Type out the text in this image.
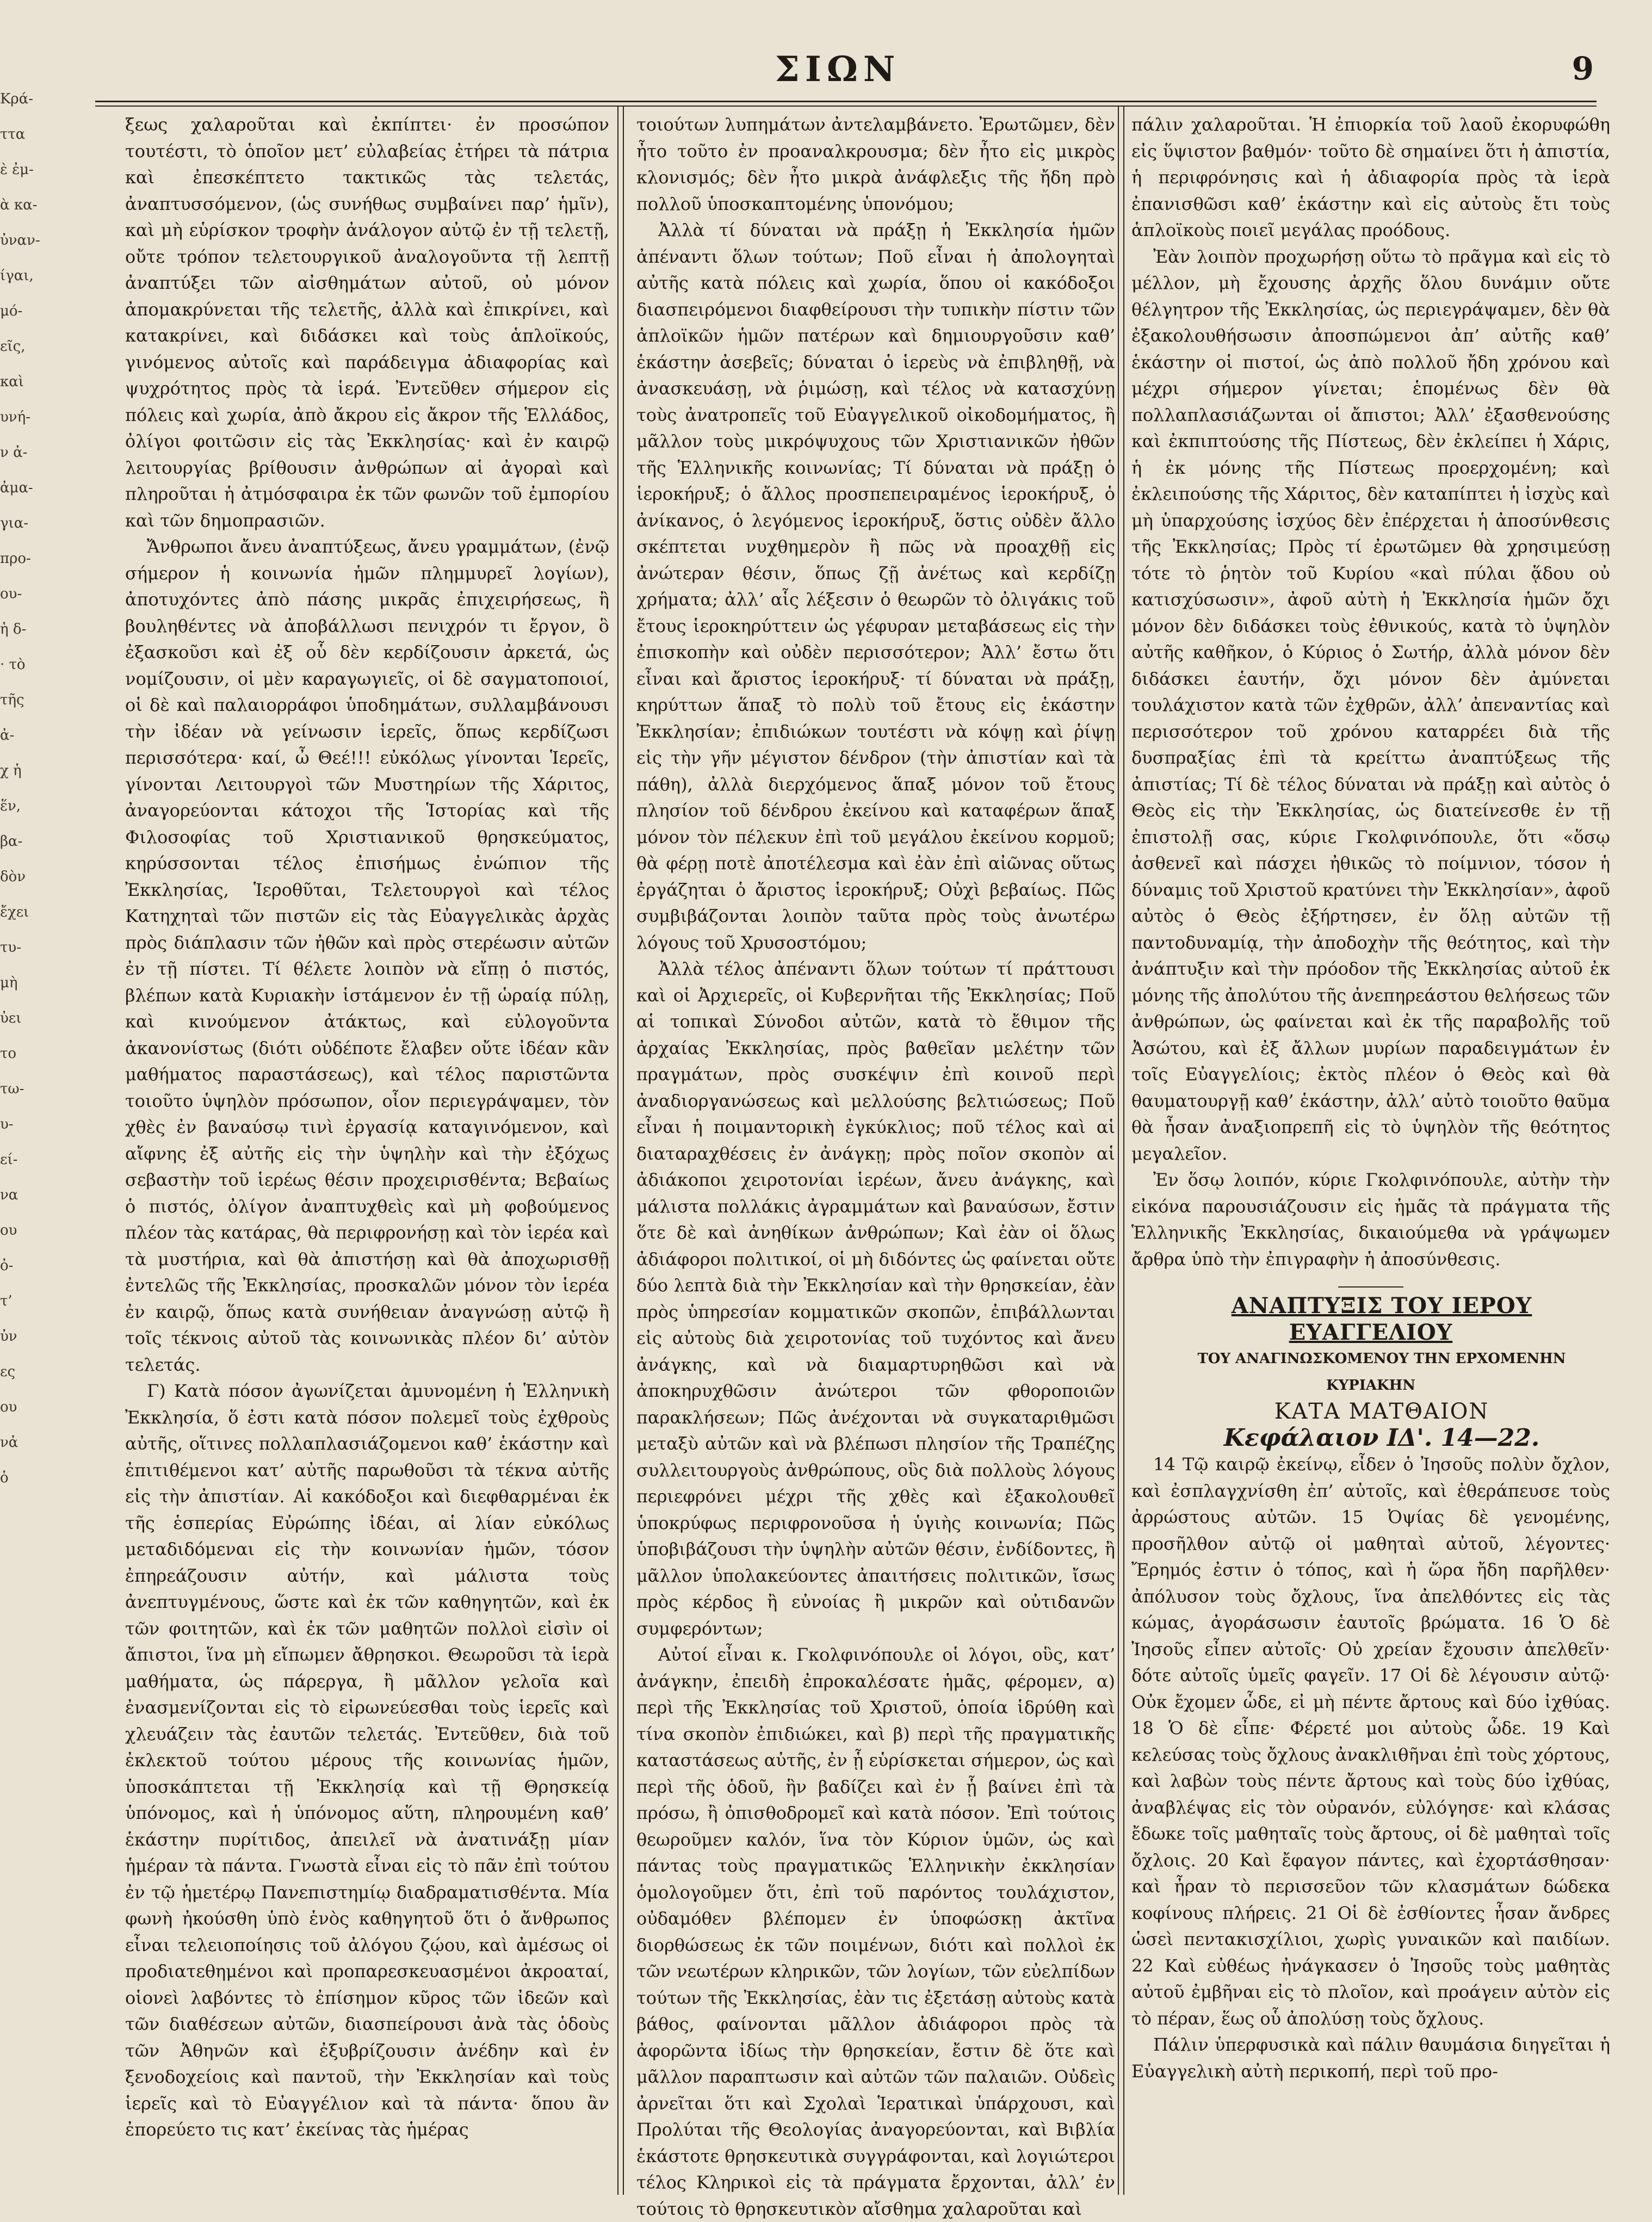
Κρά-
ττα
ὲ ἐμ-
ὰ κα-
ὐναν-
ίγαι,
μό-
εῖς,
καὶ
υνή-
ν ἀ-
ἀμα-
για-
προ-
ου-
ἡ δ-
· τὸ
τῆς
ἀ-
χ ἡ
ἕν,
βα-
δὸν
ἔχει
τυ-
μὴ
ὐει
το
τω-
υ-
εί-
να
ου
ὀ-
τ’
ὐν
ες
ου
νἀ
ὁ
ΣΙΩΝ	9

ξεως χαλαροῦται καὶ ἐκπίπτει· ἐν προσώπον τουτέστι, τὸ ὁποῖον μετ’ εὐλαβείας ἐτήρει τὰ πάτρια καὶ ἐπεσκέπτετο τακτικῶς τὰς τελετάς, ἀναπτυσσόμενον, (ὡς συνήθως συμβαίνει παρ’ ἡμῖν), καὶ μὴ εὑρίσκον τροφὴν ἀνάλογον αὐτῷ ἐν τῇ τελετῇ, οὔτε τρόπον τελετουργικοῦ ἀναλογοῦντα τῇ λεπτῇ ἀναπτύξει τῶν αἰσθημάτων αὐτοῦ, οὐ μόνον ἀπομακρύνεται τῆς τελετῆς, ἀλλὰ καὶ ἐπικρίνει, καὶ κατακρίνει, καὶ διδάσκει καὶ τοὺς ἁπλοϊκούς, γινόμενος αὐτοῖς καὶ παράδειγμα ἀδιαφορίας καὶ ψυχρότητος πρὸς τὰ ἱερά. Ἐντεῦθεν σήμερον εἰς πόλεις καὶ χωρία, ἀπὸ ἄκρου εἰς ἄκρον τῆς Ἑλλάδος, ὀλίγοι φοιτῶσιν εἰς τὰς Ἐκκλησίας· καὶ ἐν καιρῷ λειτουργίας βρίθουσιν ἀνθρώπων αἱ ἀγοραὶ καὶ πληροῦται ἡ ἀτμόσφαιρα ἐκ τῶν φωνῶν τοῦ ἐμπορίου καὶ τῶν δημοπρασιῶν.

Ἄνθρωποι ἄνευ ἀναπτύξεως, ἄνευ γραμμάτων, (ἐνῷ σήμερον ἡ κοινωνία ἡμῶν πλημμυρεῖ λογίων), ἀποτυχόντες ἀπὸ πάσης μικρᾶς ἐπιχειρήσεως, ἢ βουληθέντες νὰ ἀποβάλλωσι πενιχρόν τι ἔργον, ὃ ἐξασκοῦσι καὶ ἐξ οὗ δὲν κερδίζουσιν ἀρκετά, ὡς νομίζουσιν, οἱ μὲν καραγωγιεῖς, οἱ δὲ σαγματοποιοί, οἱ δὲ καὶ παλαιορράφοι ὑποδημάτων, συλλαμβάνουσι τὴν ἰδέαν νὰ γείνωσιν ἱερεῖς, ὅπως κερδίζωσι περισσότερα· καί, ὦ Θεέ!!! εὐκόλως γίνονται Ἱερεῖς, γίνονται Λειτουργοὶ τῶν Μυστηρίων τῆς Χάριτος, ἀναγορεύονται κάτοχοι τῆς Ἱστορίας καὶ τῆς Φιλοσοφίας τοῦ Χριστιανικοῦ θρησκεύματος, κηρύσσονται τέλος ἐπισήμως ἐνώπιον τῆς Ἐκκλησίας, Ἱεροθῦται, Τελετουργοὶ καὶ τέλος Κατηχηταὶ τῶν πιστῶν εἰς τὰς Εὐαγγελικὰς ἀρχὰς πρὸς διάπλασιν τῶν ἠθῶν καὶ πρὸς στερέωσιν αὐτῶν ἐν τῇ πίστει. Τί θέλετε λοιπὸν νὰ εἴπῃ ὁ πιστός, βλέπων κατὰ Κυριακὴν ἱστάμενον ἐν τῇ ὡραίᾳ πύλῃ, καὶ κινούμενον ἀτάκτως, καὶ εὐλογοῦντα ἀκανονίστως (διότι οὐδέποτε ἔλαβεν οὔτε ἰδέαν κἂν μαθήματος παραστάσεως), καὶ τέλος παριστῶντα τοιοῦτο ὑψηλὸν πρόσωπον, οἷον περιεγράψαμεν, τὸν χθὲς ἐν βαναύσῳ τινὶ ἐργασίᾳ καταγινόμενον, καὶ αἴφνης ἐξ αὐτῆς εἰς τὴν ὑψηλὴν καὶ τὴν ἐξόχως σεβαστὴν τοῦ ἱερέως θέσιν προχειρισθέντα; Βεβαίως ὁ πιστός, ὀλίγον ἀναπτυχθεὶς καὶ μὴ φοβούμενος πλέον τὰς κατάρας, θὰ περιφρονήσῃ καὶ τὸν ἱερέα καὶ τὰ μυστήρια, καὶ θὰ ἀπιστήσῃ καὶ θὰ ἀποχωρισθῇ ἐντελῶς τῆς Ἐκκλησίας, προσκαλῶν μόνον τὸν ἱερέα ἐν καιρῷ, ὅπως κατὰ συνήθειαν ἀναγνώσῃ αὐτῷ ἢ τοῖς τέκνοις αὐτοῦ τὰς κοινωνικὰς πλέον δι’ αὐτὸν τελετάς.

Γ) Κατὰ πόσον ἀγωνίζεται ἀμυνομένη ἡ Ἑλληνικὴ Ἐκκλησία, ὅ ἐστι κατὰ πόσον πολεμεῖ τοὺς ἐχθροὺς αὐτῆς, οἵτινες πολλαπλασιάζομενοι καθ’ ἑκάστην καὶ ἐπιτιθέμενοι κατ’ αὐτῆς παρωθοῦσι τὰ τέκνα αὐτῆς εἰς τὴν ἀπιστίαν. Αἱ κακόδοξοι καὶ διεφθαρμέναι ἐκ τῆς ἑσπερίας Εὐρώπης ἰδέαι, αἱ λίαν εὐκόλως μεταδιδόμεναι εἰς τὴν κοινωνίαν ἡμῶν, τόσον ἐπηρεάζουσιν αὐτήν, καὶ μάλιστα τοὺς ἀνεπτυγμένους, ὥστε καὶ ἐκ τῶν καθηγητῶν, καὶ ἐκ τῶν φοιτητῶν, καὶ ἐκ τῶν μαθητῶν πολλοὶ εἰσὶν οἱ ἄπιστοι, ἵνα μὴ εἴπωμεν ἄθρησκοι. Θεωροῦσι τὰ ἱερὰ μαθήματα, ὡς πάρεργα, ἢ μᾶλλον γελοῖα καὶ ἐνασμενίζονται εἰς τὸ εἰρωνεύεσθαι τοὺς ἱερεῖς καὶ χλευάζειν τὰς ἐαυτῶν τελετάς. Ἐντεῦθεν, διὰ τοῦ ἐκλεκτοῦ τούτου μέρους τῆς κοινωνίας ἡμῶν, ὑποσκάπτεται τῇ Ἐκκλησίᾳ καὶ τῇ Θρησκείᾳ ὑπόνομος, καὶ ἡ ὑπόνομος αὕτη, πληρουμένη καθ’ ἑκάστην πυρίτιδος, ἀπειλεῖ νὰ ἀνατινάξῃ μίαν ἡμέραν τὰ πάντα. Γνωστὰ εἶναι εἰς τὸ πᾶν ἐπὶ τούτου ἐν τῷ ἡμετέρῳ Πανεπιστημίῳ διαδραματισθέντα. Μία φωνὴ ἠκούσθη ὑπὸ ἑνὸς καθηγητοῦ ὅτι ὁ ἄνθρωπος εἶναι τελειοποίησις τοῦ ἀλόγου ζῴου, καὶ ἀμέσως οἱ προδιατεθημένοι καὶ προπαρεσκευασμένοι ἀκροαταί, οἱονεὶ λαβόντες τὸ ἐπίσημον κῦρος τῶν ἰδεῶν καὶ τῶν διαθέσεων αὐτῶν, διασπείρουσι ἀνὰ τὰς ὁδοὺς τῶν Ἀθηνῶν καὶ ἐξυβρίζουσιν ἀνέδην καὶ ἐν ξενοδοχείοις καὶ παντοῦ, τὴν Ἐκκλησίαν καὶ τοὺς ἱερεῖς καὶ τὸ Εὐαγγέλιον καὶ τὰ πάντα· ὅπου ἂν ἐπορεύετο τις κατ’ ἐκείνας τὰς ἡμέρας

τοιούτων λυπημάτων ἀντελαμβάνετο. Ἐρωτῶμεν, δὲν ἦτο τοῦτο ἐν προαναλκρουσμα; δὲν ἦτο εἰς μικρὸς κλονισμός; δὲν ἦτο μικρὰ ἀνάφλεξις τῆς ἤδη πρὸ πολλοῦ ὑποσκαπτομένης ὑπονόμου;

Ἀλλὰ τί δύναται νὰ πράξῃ ἡ Ἐκκλησία ἡμῶν ἀπέναντι ὅλων τούτων; Ποῦ εἶναι ἡ ἀπολογηταὶ αὐτῆς κατὰ πόλεις καὶ χωρία, ὅπου οἱ κακόδοξοι διασπειρόμενοι διαφθείρουσι τὴν τυπικὴν πίστιν τῶν ἁπλοϊκῶν ἡμῶν πατέρων καὶ δημιουργοῦσιν καθ’ ἑκάστην ἀσεβεῖς; δύναται ὁ ἱερεὺς νὰ ἐπιβληθῇ, νὰ ἀνασκευάσῃ, νὰ ῥιμώσῃ, καὶ τέλος νὰ κατασχύνῃ τοὺς ἀνατροπεῖς τοῦ Εὐαγγελικοῦ οἰκοδομήματος, ἢ μᾶλλον τοὺς μικρόψυχους τῶν Χριστιανικῶν ἠθῶν τῆς Ἑλληνικῆς κοινωνίας; Τί δύναται νὰ πράξῃ ὁ ἱεροκήρυξ; ὁ ἄλλος προσπεπειραμένος ἱεροκήρυξ, ὁ ἀνίκανος, ὁ λεγόμενος ἱεροκήρυξ, ὅστις οὐδὲν ἄλλο σκέπτεται νυχθημερὸν ἢ πῶς νὰ προαχθῇ εἰς ἀνώτεραν θέσιν, ὅπως ζῇ ἀνέτως καὶ κερδίζῃ χρήματα; ἀλλ’ αἷς λέξεσιν ὁ θεωρῶν τὸ ὀλιγάκις τοῦ ἔτους ἱεροκηρύττειν ὡς γέφυραν μεταβάσεως εἰς τὴν ἐπισκοπὴν καὶ οὐδὲν περισσότερον; Ἀλλ’ ἔστω ὅτι εἶναι καὶ ἄριστος ἱεροκήρυξ· τί δύναται νὰ πράξῃ, κηρύττων ἅπαξ τὸ πολὺ τοῦ ἔτους εἰς ἑκάστην Ἐκκλησίαν; ἐπιδιώκων τουτέστι νὰ κόψῃ καὶ ῥίψῃ εἰς τὴν γῆν μέγιστον δένδρον (τὴν ἀπιστίαν καὶ τὰ πάθη), ἀλλὰ διερχόμενος ἅπαξ μόνον τοῦ ἔτους πλησίον τοῦ δένδρου ἐκείνου καὶ καταφέρων ἅπαξ μόνον τὸν πέλεκυν ἐπὶ τοῦ μεγάλου ἐκείνου κορμοῦ; θὰ φέρῃ ποτὲ ἀποτέλεσμα καὶ ἐὰν ἐπὶ αἰῶνας οὕτως ἐργάζηται ὁ ἄριστος ἱεροκήρυξ; Οὐχὶ βεβαίως. Πῶς συμβιβάζονται λοιπὸν ταῦτα πρὸς τοὺς ἀνωτέρω λόγους τοῦ Χρυσοστόμου;

Ἀλλὰ τέλος ἀπέναντι ὅλων τούτων τί πράττουσι καὶ οἱ Ἀρχιερεῖς, οἱ Κυβερνῆται τῆς Ἐκκλησίας; Ποῦ αἱ τοπικαὶ Σύνοδοι αὐτῶν, κατὰ τὸ ἔθιμον τῆς ἀρχαίας Ἐκκλησίας, πρὸς βαθεῖαν μελέτην τῶν πραγμάτων, πρὸς συσκέψιν ἐπὶ κοινοῦ περὶ ἀναδιοργανώσεως καὶ μελλούσης βελτιώσεως; Ποῦ εἶναι ἡ ποιμαντορικὴ ἐγκύκλιος; ποῦ τέλος καὶ αἱ διαταραχθέσεις ἐν ἀνάγκῃ; πρὸς ποῖον σκοπὸν αἱ ἀδιάκοποι χειροτονίαι ἱερέων, ἄνευ ἀνάγκης, καὶ μάλιστα πολλάκις ἀγραμμάτων καὶ βαναύσων, ἔστιν ὅτε δὲ καὶ ἀνηθίκων ἀνθρώπων; Καὶ ἐὰν οἱ ὅλως ἀδιάφοροι πολιτικοί, οἱ μὴ διδόντες ὡς φαίνεται οὔτε δύο λεπτὰ διὰ τὴν Ἐκκλησίαν καὶ τὴν θρησκείαν, ἐὰν πρὸς ὑπηρεσίαν κομματικῶν σκοπῶν, ἐπιβάλλωνται εἰς αὐτοὺς διὰ χειροτονίας τοῦ τυχόντος καὶ ἄνευ ἀνάγκης, καὶ νὰ διαμαρτυρηθῶσι καὶ νὰ ἀποκηρυχθῶσιν ἀνώτεροι τῶν φθοροποιῶν παρακλήσεων; Πῶς ἀνέχονται νὰ συγκαταριθμῶσι μεταξὺ αὐτῶν καὶ νὰ βλέπωσι πλησίον τῆς Τραπέζης συλλειτουργοὺς ἀνθρώπους, οὓς διὰ πολλοὺς λόγους περιεφρόνει μέχρι τῆς χθὲς καὶ ἐξακολουθεῖ ὑποκρύφως περιφρονοῦσα ἡ ὑγιὴς κοινωνία; Πῶς ὑποβιβάζουσι τὴν ὑψηλὴν αὐτῶν θέσιν, ἐνδίδοντες, ἢ μᾶλλον ὑπολακεύοντες ἀπαιτήσεις πολιτικῶν, ἴσως πρὸς κέρδος ἢ εὐνοίας ἢ μικρῶν καὶ οὐτιδανῶν συμφερόντων;

Αὐτοί εἶναι κ. Γκολφινόπουλε οἱ λόγοι, οὓς, κατ’ ἀνάγκην, ἐπειδὴ ἐπροκαλέσατε ἡμᾶς, φέρομεν, α) περὶ τῆς Ἐκκλησίας τοῦ Χριστοῦ, ὁποία ἱδρύθη καὶ τίνα σκοπὸν ἐπιδιώκει, καὶ β) περὶ τῆς πραγματικῆς καταστάσεως αὐτῆς, ἐν ᾗ εὑρίσκεται σήμερον, ὡς καὶ περὶ τῆς ὁδοῦ, ἣν βαδίζει καὶ ἐν ᾗ βαίνει ἐπὶ τὰ πρόσω, ἢ ὀπισθοδρομεῖ καὶ κατὰ πόσον. Ἐπὶ τούτοις θεωροῦμεν καλόν, ἵνα τὸν Κύριον ὑμῶν, ὡς καὶ πάντας τοὺς πραγματικῶς Ἑλληνικὴν ἐκκλησίαν ὁμολογοῦμεν ὅτι, ἐπὶ τοῦ παρόντος τουλάχιστον, οὐδαμόθεν βλέπομεν ἐν ὑποφώσκῃ ἀκτῖνα διορθώσεως ἐκ τῶν ποιμένων, διότι καὶ πολλοὶ ἐκ τῶν νεωτέρων κληρικῶν, τῶν λογίων, τῶν εὐελπίδων τούτων τῆς Ἐκκλησίας, ἐὰν τις ἐξετάσῃ αὐτοὺς κατὰ βάθος, φαίνονται μᾶλλον ἀδιάφοροι πρὸς τὰ ἀφορῶντα ἰδίως τὴν θρησκείαν, ἔστιν δὲ ὅτε καὶ μᾶλλον παραπτωσιν καὶ αὐτῶν τῶν παλαιῶν. Οὐδεὶς ἀρνεῖται ὅτι καὶ Σχολαὶ Ἱερατικαὶ ὑπάρχουσι, καὶ Προλύται τῆς Θεολογίας ἀναγορεύονται, καὶ Βιβλία ἑκάστοτε θρησκευτικὰ συγγράφονται, καὶ λογιώτεροι τέλος Κληρικοὶ εἰς τὰ πράγματα ἔρχονται, ἀλλ’ ἐν τούτοις τὸ θρησκευτικὸν αἴσθημα χαλαροῦται καὶ

πάλιν χαλαροῦται. Ἡ ἐπιορκία τοῦ λαοῦ ἐκορυφώθη εἰς ὕψιστον βαθμόν· τοῦτο δὲ σημαίνει ὅτι ἡ ἀπιστία, ἡ περιφρόνησις καὶ ἡ ἀδιαφορία πρὸς τὰ ἱερὰ ἐπανισθῶσι καθ’ ἑκάστην καὶ εἰς αὐτοὺς ἔτι τοὺς ἁπλοϊκοὺς ποιεῖ μεγάλας προόδους.

Ἐὰν λοιπὸν προχωρήσῃ οὕτω τὸ πρᾶγμα καὶ εἰς τὸ μέλλον, μὴ ἔχουσης ἀρχῆς ὅλου δυνάμιν οὔτε θέλγητρον τῆς Ἐκκλησίας, ὡς περιεγράψαμεν, δὲν θὰ ἐξακολουθήσωσιν ἀποσπώμενοι ἀπ’ αὐτῆς καθ’ ἑκάστην οἱ πιστοί, ὡς ἀπὸ πολλοῦ ἤδη χρόνου καὶ μέχρι σήμερον γίνεται; ἑπομένως δὲν θὰ πολλαπλασιάζωνται οἱ ἄπιστοι; Ἀλλ’ ἐξασθενούσης καὶ ἐκπιπτούσης τῆς Πίστεως, δὲν ἐκλείπει ἡ Χάρις, ἡ ἐκ μόνης τῆς Πίστεως προερχομένη; καὶ ἐκλειπούσης τῆς Χάριτος, δὲν καταπίπτει ἡ ἰσχὺς καὶ μὴ ὑπαρχούσης ἰσχύος δὲν ἐπέρχεται ἡ ἀποσύνθεσις τῆς Ἐκκλησίας; Πρὸς τί ἐρωτῶμεν θὰ χρησιμεύσῃ τότε τὸ ῥητὸν τοῦ Κυρίου «καὶ πύλαι ᾅδου οὐ κατισχύσωσιν», ἀφοῦ αὐτὴ ἡ Ἐκκλησία ἡμῶν ὄχι μόνον δὲν διδάσκει τοὺς ἐθνικούς, κατὰ τὸ ὑψηλὸν αὐτῆς καθῆκον, ὁ Κύριος ὁ Σωτήρ, ἀλλὰ μόνον δὲν διδάσκει ἑαυτήν, ὄχι μόνον δὲν ἀμύνεται τουλάχιστον κατὰ τῶν ἐχθρῶν, ἀλλ’ ἀπεναντίας καὶ περισσότερον τοῦ χρόνου καταρρέει διὰ τῆς δυσπραξίας ἐπὶ τὰ κρείττω ἀναπτύξεως τῆς ἀπιστίας; Τί δὲ τέλος δύναται νὰ πράξῃ καὶ αὐτὸς ὁ Θεὸς εἰς τὴν Ἐκκλησίας, ὡς διατείνεσθε ἐν τῇ ἐπιστολῇ σας, κύριε Γκολφινόπουλε, ὅτι «ὅσῳ ἀσθενεῖ καὶ πάσχει ἠθικῶς τὸ ποίμνιον, τόσον ἡ δύναμις τοῦ Χριστοῦ κρατύνει τὴν Ἐκκλησίαν», ἀφοῦ αὐτὸς ὁ Θεὸς ἐξήρτησεν, ἐν ὅλῃ αὐτῶν τῇ παντοδυναμίᾳ, τὴν ἀποδοχὴν τῆς θεότητος, καὶ τὴν ἀνάπτυξιν καὶ τὴν πρόοδον τῆς Ἐκκλησίας αὐτοῦ ἐκ μόνης τῆς ἀπολύτου τῆς ἀνεπηρεάστου θελήσεως τῶν ἀνθρώπων, ὡς φαίνεται καὶ ἐκ τῆς παραβολῆς τοῦ Ἀσώτου, καὶ ἐξ ἄλλων μυρίων παραδειγμάτων ἐν τοῖς Εὐαγγελίοις; ἐκτὸς πλέον ὁ Θεὸς καὶ θὰ θαυματουργῇ καθ’ ἑκάστην, ἀλλ’ αὐτὸ τοιοῦτο θαῦμα θὰ ἦσαν ἀναξιοπρεπῆ εἰς τὸ ὑψηλὸν τῆς θεότητος μεγαλεῖον.

Ἐν ὅσῳ λοιπόν, κύριε Γκολφινόπουλε, αὐτὴν τὴν εἰκόνα παρουσιάζουσιν εἰς ἡμᾶς τὰ πράγματα τῆς Ἑλληνικῆς Ἐκκλησίας, δικαιούμεθα νὰ γράψωμεν ἄρθρα ὑπὸ τὴν ἐπιγραφὴν ἡ ἀποσύνθεσις.

ΑΝΑΠΤΥΞΙΣ ΤΟΥ ΙΕΡΟΥ ΕΥΑΓΓΕΛΙΟΥ

ΤΟΥ ΑΝΑΓΙΝΩΣΚΟΜΕΝΟΥ ΤΗΝ ΕΡΧΟΜΕΝΗΝ ΚΥΡΙΑΚΗΝ

ΚΑΤΑ ΜΑΤΘΑΙΟΝ

Κεφάλαιον ΙΔ'. 14—22.

14 Τῷ καιρῷ ἐκείνῳ, εἶδεν ὁ Ἰησοῦς πολὺν ὄχλον, καὶ ἐσπλαγχνίσθη ἐπ’ αὐτοῖς, καὶ ἐθεράπευσε τοὺς ἀρρώστους αὐτῶν. 15 Ὀψίας δὲ γενομένης, προσῆλθον αὐτῷ οἱ μαθηταὶ αὐτοῦ, λέγοντες· Ἔρημός ἐστιν ὁ τόπος, καὶ ἡ ὥρα ἤδη παρῆλθεν· ἀπόλυσον τοὺς ὄχλους, ἵνα ἀπελθόντες εἰς τὰς κώμας, ἀγοράσωσιν ἑαυτοῖς βρώματα. 16 Ὁ δὲ Ἰησοῦς εἶπεν αὐτοῖς· Οὐ χρείαν ἔχουσιν ἀπελθεῖν· δότε αὐτοῖς ὑμεῖς φαγεῖν. 17 Οἱ δὲ λέγουσιν αὐτῷ· Οὐκ ἔχομεν ὧδε, εἰ μὴ πέντε ἄρτους καὶ δύο ἰχθύας. 18 Ὁ δὲ εἶπε· Φέρετέ μοι αὐτοὺς ὧδε. 19 Καὶ κελεύσας τοὺς ὄχλους ἀνακλιθῆναι ἐπὶ τοὺς χόρτους, καὶ λαβὼν τοὺς πέντε ἄρτους καὶ τοὺς δύο ἰχθύας, ἀναβλέψας εἰς τὸν οὐρανόν, εὐλόγησε· καὶ κλάσας ἔδωκε τοῖς μαθηταῖς τοὺς ἄρτους, οἱ δὲ μαθηταὶ τοῖς ὄχλοις. 20 Καὶ ἔφαγον πάντες, καὶ ἐχορτάσθησαν· καὶ ἦραν τὸ περισσεῦον τῶν κλασμάτων δώδεκα κοφίνους πλήρεις. 21 Οἱ δὲ ἐσθίοντες ἦσαν ἄνδρες ὡσεὶ πεντακισχίλιοι, χωρὶς γυναικῶν καὶ παιδίων. 22 Καὶ εὐθέως ἠνάγκασεν ὁ Ἰησοῦς τοὺς μαθητὰς αὐτοῦ ἐμβῆναι εἰς τὸ πλοῖον, καὶ προάγειν αὐτὸν εἰς τὸ πέραν, ἕως οὗ ἀπολύσῃ τοὺς ὄχλους.

Πάλιν ὑπερφυσικὰ καὶ πάλιν θαυμάσια διηγεῖται ἡ Εὐαγγελικὴ αὐτὴ περικοπή, περὶ τοῦ προ-
